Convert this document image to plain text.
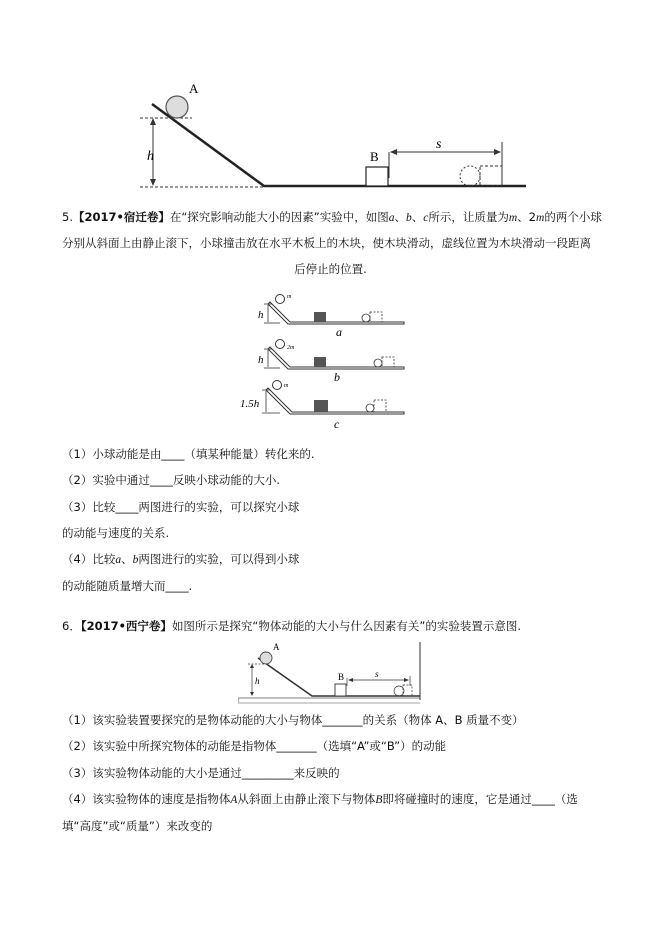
h
A
B
s
5.【2017•宿迁卷】在“探究影响动能大小的因素”实验中，如图a、b、c所示，让质量为m、2m的两个小球
分别从斜面上由静止滚下，小球撞击放在水平木板上的木块，使木块滑动，虚线位置为木块滑动一段距离
后停止的位置.
h
m
a
h
2m
b
1.5h
m
c
（1）小球动能是由____（填某种能量）转化来的.
（2）实验中通过____反映小球动能的大小.
（3）比较____两图进行的实验，可以探究小球
的动能与速度的关系.
（4）比较a、b两图进行的实验，可以得到小球
的动能随质量增大而____.
6．【2017•西宁卷】如图所示是探究“物体动能的大小与什么因素有关”的实验装置示意图.
h
A
B	s
（1）该实验装置要探究的是物体动能的大小与物体_______的关系（物体 A、B 质量不变）
（2）该实验中所探究物体的动能是指物体_______（选填“A”或“B”）的动能
（3）该实验物体动能的大小是通过_________来反映的
（4）该实验物体的速度是指物体A从斜面上由静止滚下与物体B即将碰撞时的速度，它是通过____（选
填“高度”或“质量”）来改变的
